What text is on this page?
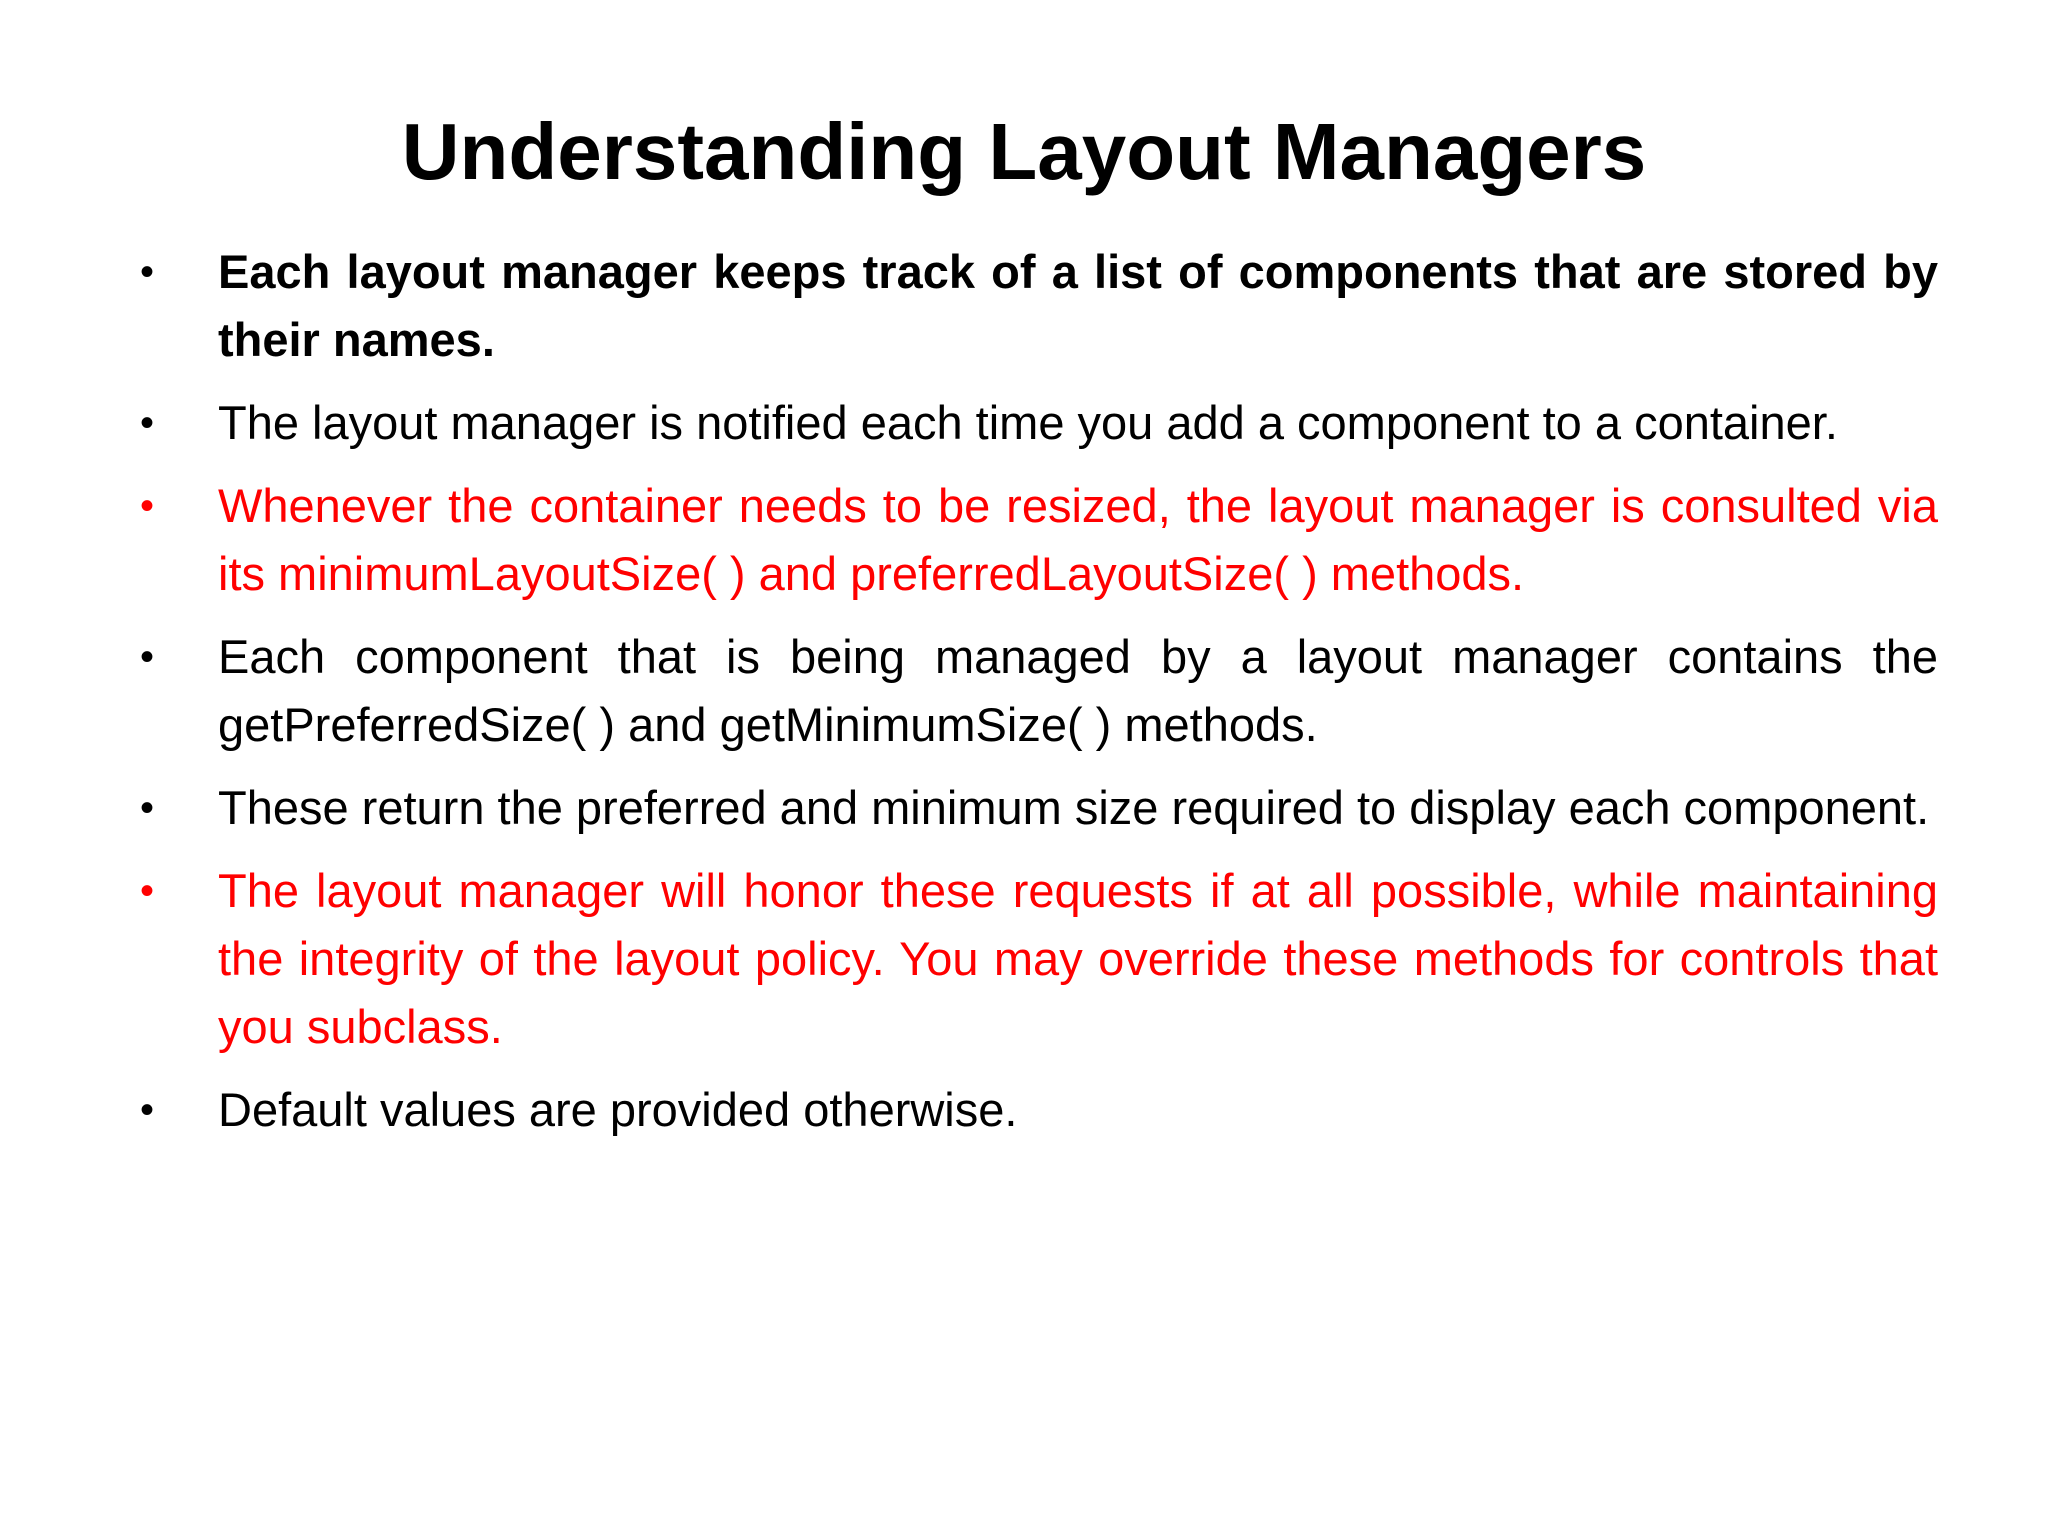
Understanding Layout Managers
•	Each layout manager keeps track of a list of components that are stored by their names.
•	The layout manager is notified each time you add a component to a container.
•	Whenever the container needs to be resized, the layout manager is consulted via its minimumLayoutSize( ) and preferredLayoutSize( ) methods.
•	Each component that is being managed by a layout manager contains the getPreferredSize( ) and getMinimumSize( ) methods.
•	These return the preferred and minimum size required to display each component.
•	The layout manager will honor these requests if at all possible, while maintaining the integrity of the layout policy. You may override these methods for controls that you subclass.
•	Default values are provided otherwise.
